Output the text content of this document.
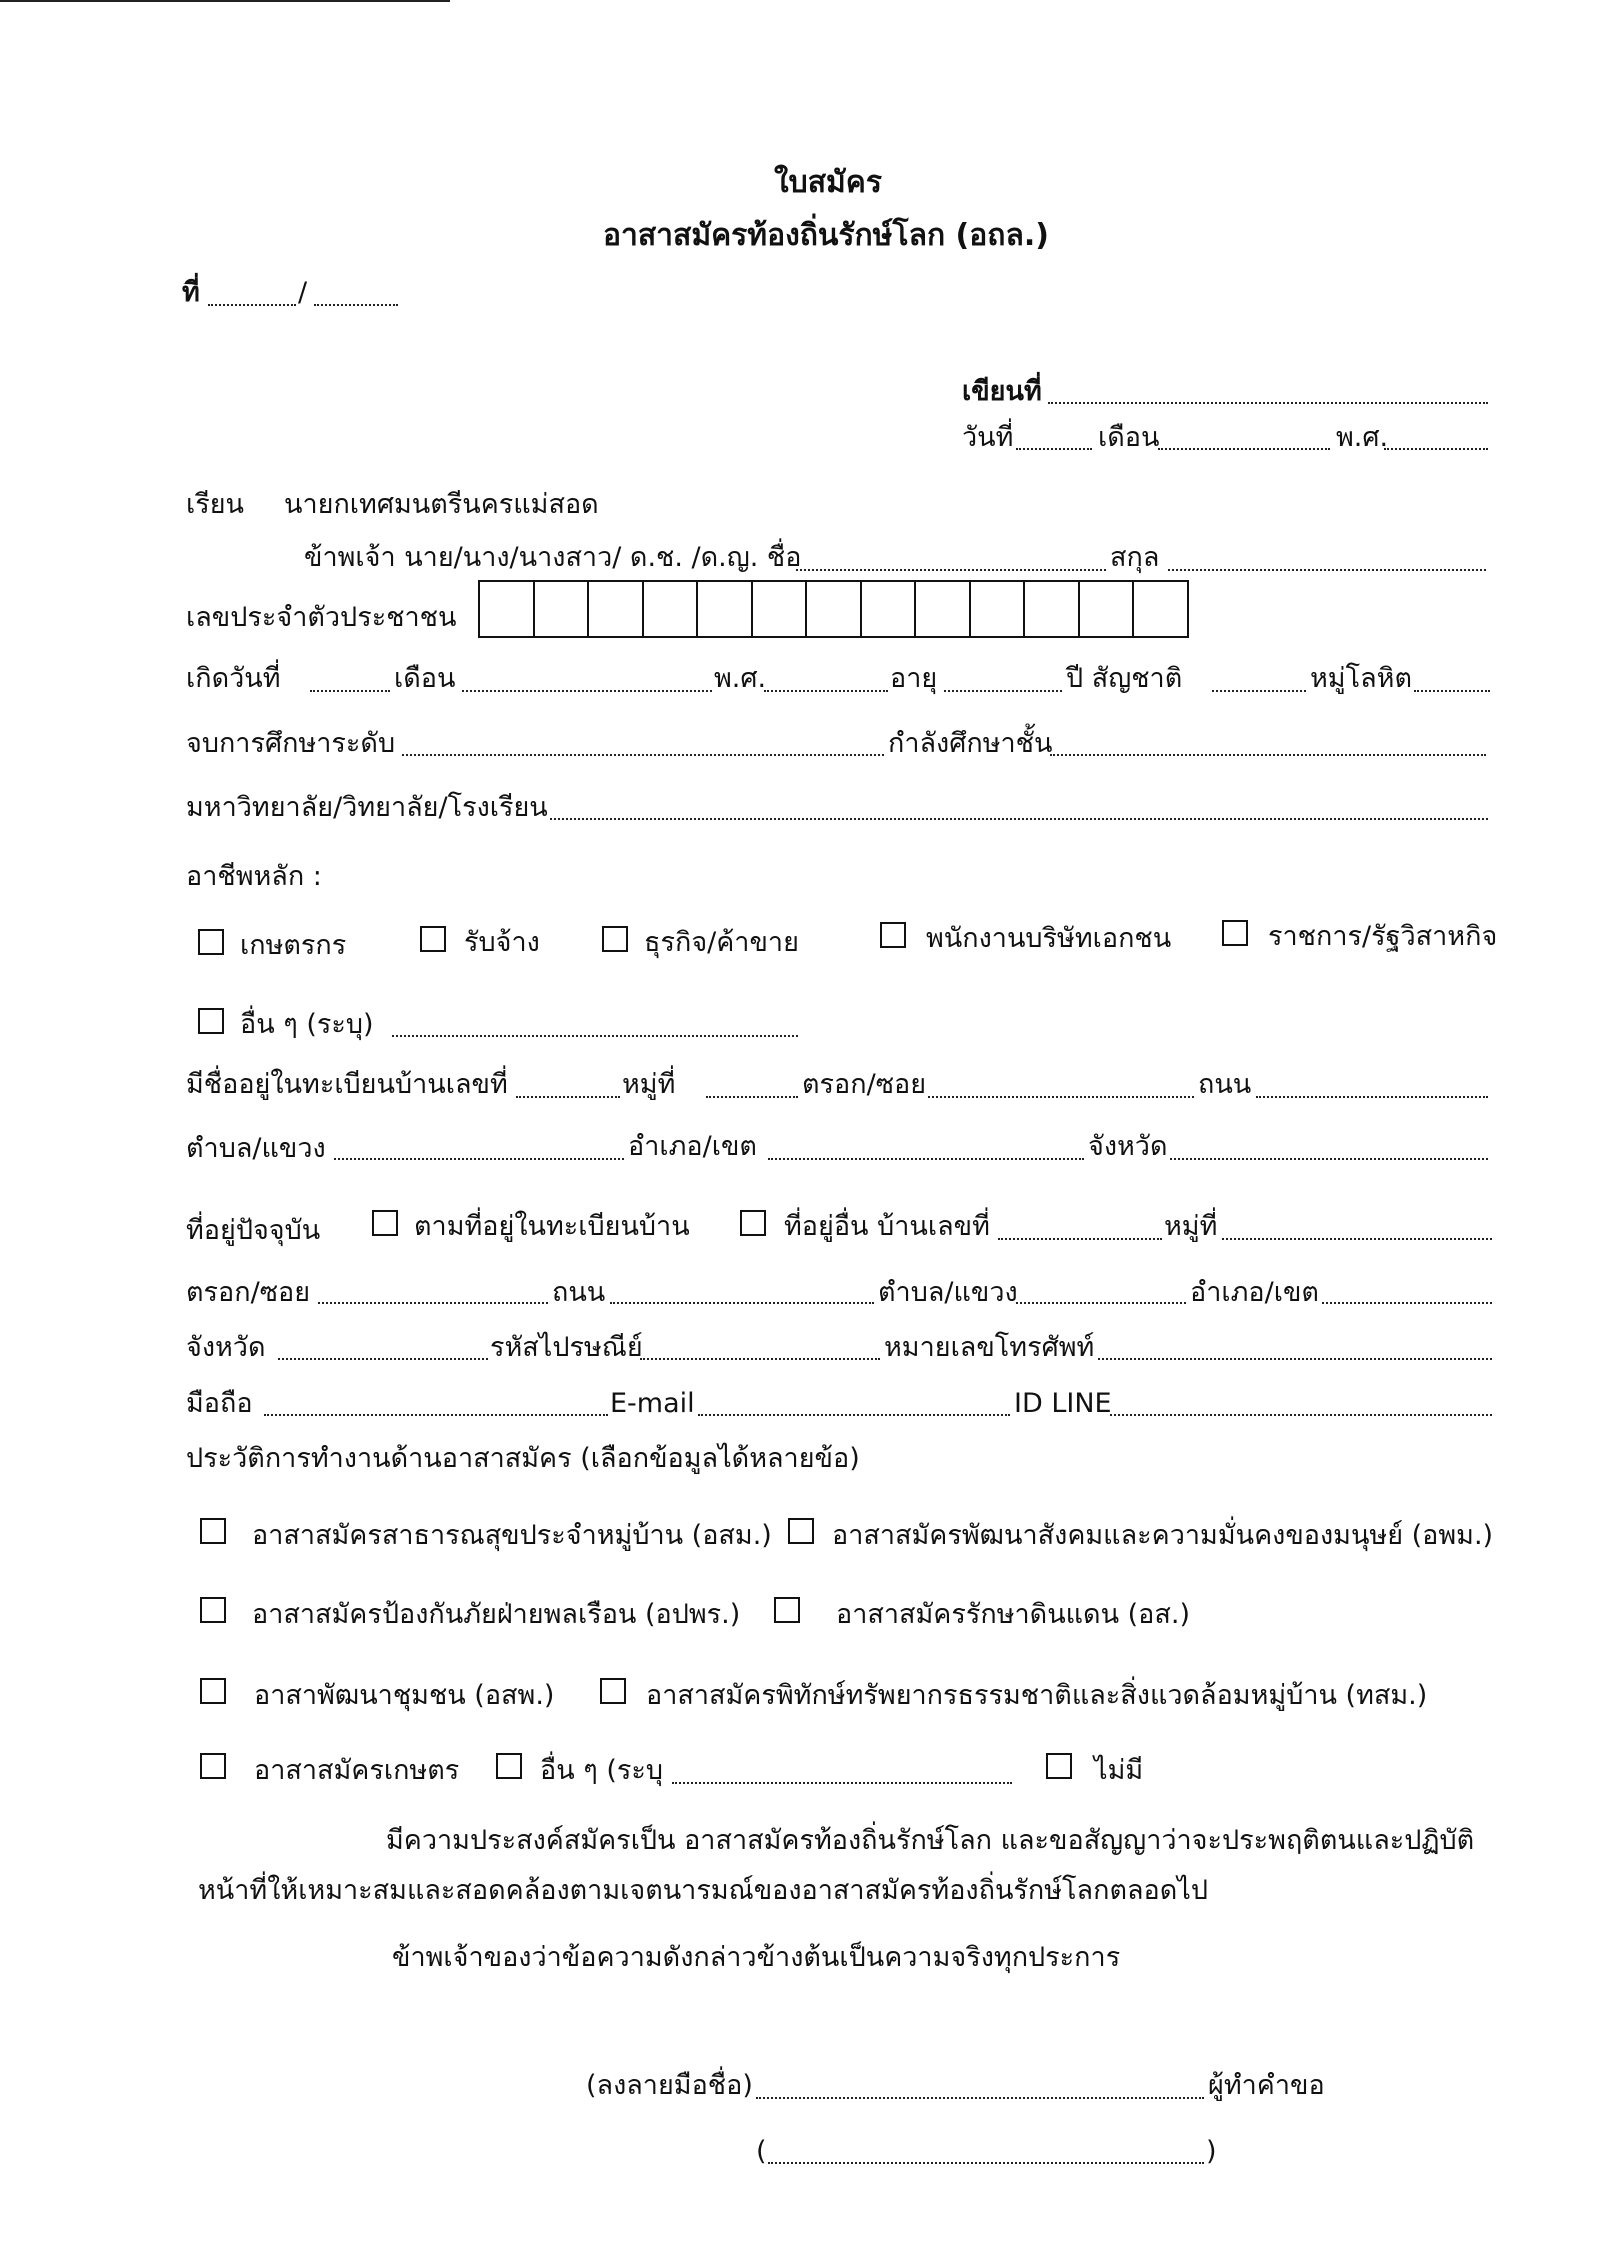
ใบสมัคร
อาสาสมัครท้องถิ่นรักษ์โลก (อถล.)
ที่	/
เขียนที่
วันที่	เดือน	พ.ศ.
เรียน นายกเทศมนตรีนครแม่สอด
ข้าพเจ้า นาย/นาง/นางสาว/ ด.ช. /ด.ญ. ชื่อ	สกุล
เลขประจำตัวประชาชน
เกิดวันที่	เดือน	พ.ศ.	อายุ	ปี สัญชาติ	หมู่โลหิต
จบการศึกษาระดับ	กำลังศึกษาชั้น
มหาวิทยาลัย/วิทยาลัย/โรงเรียน
อาชีพหลัก :
เกษตรกร	รับจ้าง	ธุรกิจ/ค้าขาย	พนักงานบริษัทเอกชน	ราชการ/รัฐวิสาหกิจ
อื่น ๆ (ระบุ)
มีชื่ออยู่ในทะเบียนบ้านเลขที่	หมู่ที่	ตรอก/ซอย	ถนน
ตำบล/แขวง	อำเภอ/เขต	จังหวัด
ที่อยู่ปัจจุบัน	ตามที่อยู่ในทะเบียนบ้าน	ที่อยู่อื่น บ้านเลขที่	หมู่ที่
ตรอก/ซอย	ถนน	ตำบล/แขวง	อำเภอ/เขต
จังหวัด	รหัสไปรษณีย์	หมายเลขโทรศัพท์
มือถือ	E-mail	ID LINE
ประวัติการทำงานด้านอาสาสมัคร (เลือกข้อมูลได้หลายข้อ)
อาสาสมัครสาธารณสุขประจำหมู่บ้าน (อสม.) อาสาสมัครพัฒนาสังคมและความมั่นคงของมนุษย์ (อพม.)
อาสาสมัครป้องกันภัยฝ่ายพลเรือน (อปพร.)	อาสาสมัครรักษาดินแดน (อส.)
อาสาพัฒนาชุมชน (อสพ.)	อาสาสมัครพิทักษ์ทรัพยากรธรรมชาติและสิ่งแวดล้อมหมู่บ้าน (ทสม.)
อาสาสมัครเกษตร	อื่น ๆ (ระบุ	ไม่มี
มีความประสงค์สมัครเป็น อาสาสมัครท้องถิ่นรักษ์โลก และขอสัญญาว่าจะประพฤติตนและปฏิบัติ
หน้าที่ให้เหมาะสมและสอดคล้องตามเจตนารมณ์ของอาสาสมัครท้องถิ่นรักษ์โลกตลอดไป
ข้าพเจ้าของว่าข้อความดังกล่าวข้างต้นเป็นความจริงทุกประการ
(ลงลายมือชื่อ)	ผู้ทำคำขอ
(	)
